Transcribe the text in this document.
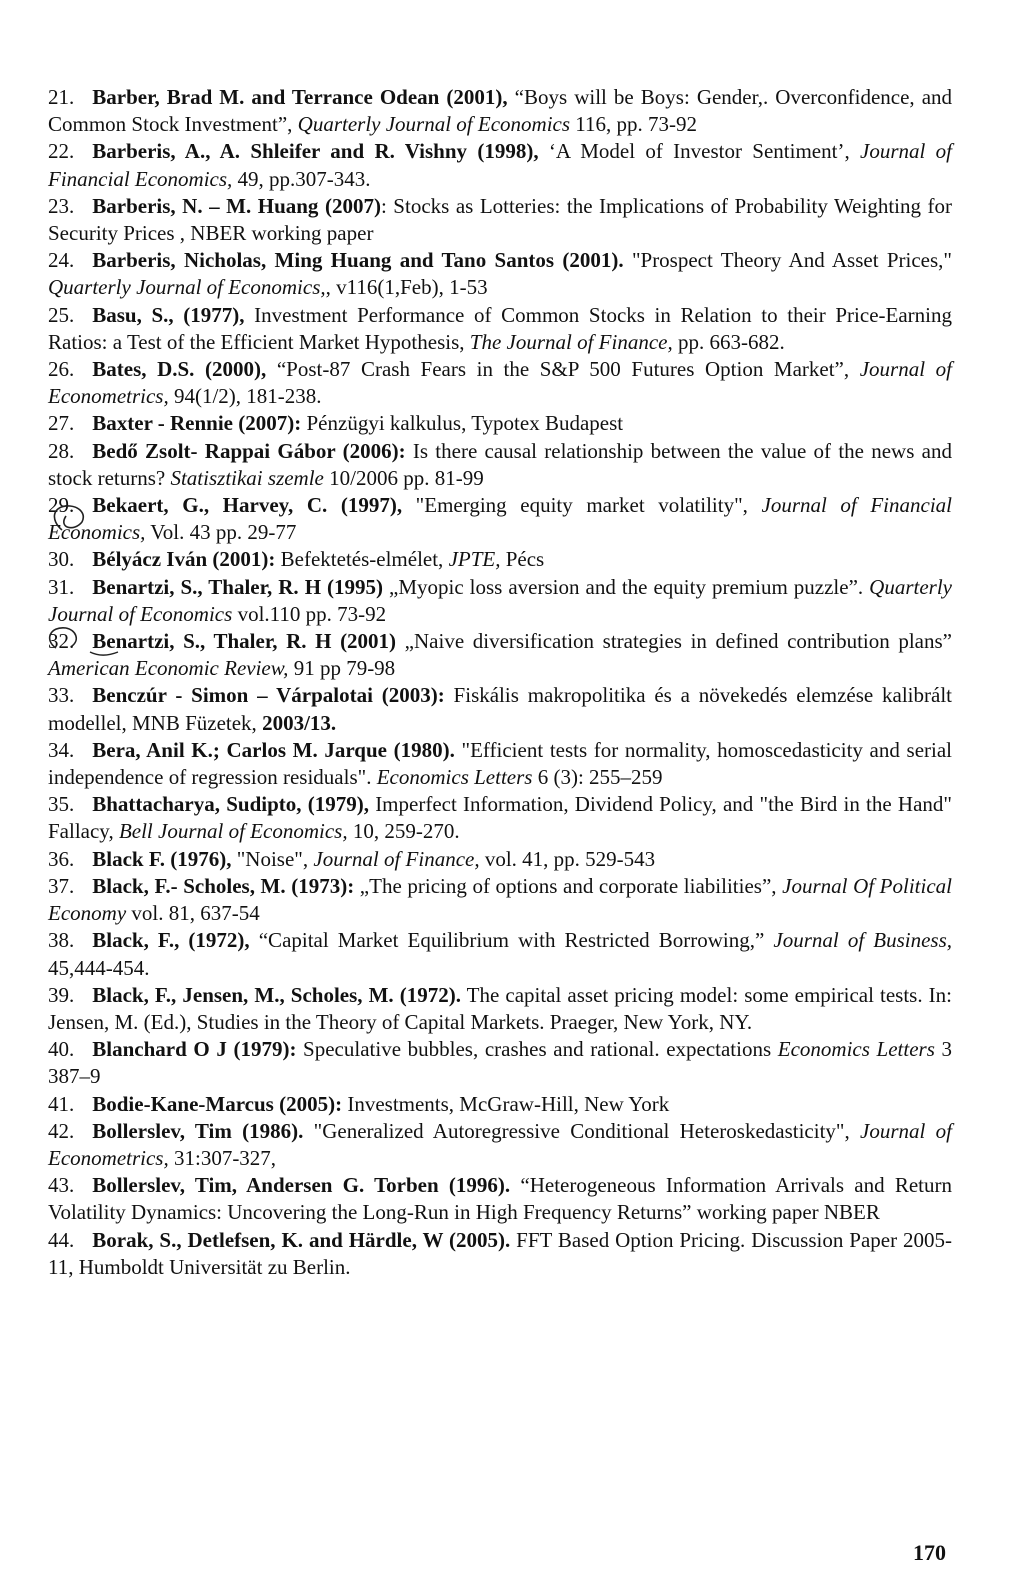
21. Barber, Brad M. and Terrance Odean (2001), “Boys will be Boys: Gender,. Overconfidence, and Common Stock Investment”, Quarterly Journal of Economics 116, pp. 73-92

22. Barberis, A., A. Shleifer and R. Vishny (1998), ‘A Model of Investor Sentiment’, Journal of Financial Economics, 49, pp.307-343.

23. Barberis, N. – M. Huang (2007): Stocks as Lotteries: the Implications of Probability Weighting for Security Prices , NBER working paper

24. Barberis, Nicholas, Ming Huang and Tano Santos (2001). "Prospect Theory And Asset Prices," Quarterly Journal of Economics,, v116(1,Feb), 1-53

25. Basu, S., (1977), Investment Performance of Common Stocks in Relation to their Price-Earning Ratios: a Test of the Efficient Market Hypothesis, The Journal of Finance, pp. 663-682.

26. Bates, D.S. (2000), “Post-87 Crash Fears in the S&P 500 Futures Option Market”, Journal of Econometrics, 94(1/2), 181-238.

27. Baxter - Rennie (2007): Pénzügyi kalkulus, Typotex Budapest

28. Bedő Zsolt- Rappai Gábor (2006): Is there causal relationship between the value of the news and stock returns? Statisztikai szemle 10/2006 pp. 81-99

29. Bekaert, G., Harvey, C. (1997), "Emerging equity market volatility", Journal of Financial Economics, Vol. 43 pp. 29-77

30. Bélyácz Iván (2001): Befektetés-elmélet, JPTE, Pécs

31. Benartzi, S., Thaler, R. H (1995) „Myopic loss aversion and the equity premium puzzle”. Quarterly Journal of Economics vol.110 pp. 73-92

32. Benartzi, S., Thaler, R. H (2001) „Naive diversification strategies in defined contribution plans” American Economic Review, 91 pp 79-98

33. Benczúr - Simon – Várpalotai (2003): Fiskális makropolitika és a növekedés elemzése kalibrált modellel, MNB Füzetek, 2003/13.

34. Bera, Anil K.; Carlos M. Jarque (1980). "Efficient tests for normality, homoscedasticity and serial independence of regression residuals". Economics Letters 6 (3): 255–259

35. Bhattacharya, Sudipto, (1979), Imperfect Information, Dividend Policy, and "the Bird in the Hand" Fallacy, Bell Journal of Economics, 10, 259-270.

36. Black F. (1976), "Noise", Journal of Finance, vol. 41, pp. 529-543

37. Black, F.- Scholes, M. (1973): „The pricing of options and corporate liabilities”, Journal Of Political Economy vol. 81, 637-54

38. Black, F., (1972), “Capital Market Equilibrium with Restricted Borrowing,” Journal of Business, 45,444-454.

39. Black, F., Jensen, M., Scholes, M. (1972). The capital asset pricing model: some empirical tests. In: Jensen, M. (Ed.), Studies in the Theory of Capital Markets. Praeger, New York, NY.

40. Blanchard O J (1979): Speculative bubbles, crashes and rational. expectations Economics Letters 3 387–9

41. Bodie-Kane-Marcus (2005): Investments, McGraw-Hill, New York

42. Bollerslev, Tim (1986). "Generalized Autoregressive Conditional Heteroskedasticity", Journal of Econometrics, 31:307-327,

43. Bollerslev, Tim, Andersen G. Torben (1996). “Heterogeneous Information Arrivals and Return Volatility Dynamics: Uncovering the Long-Run in High Frequency Returns” working paper NBER

44. Borak, S., Detlefsen, K. and Härdle, W (2005). FFT Based Option Pricing. Discussion Paper 2005-11, Humboldt Universität zu Berlin.

170
